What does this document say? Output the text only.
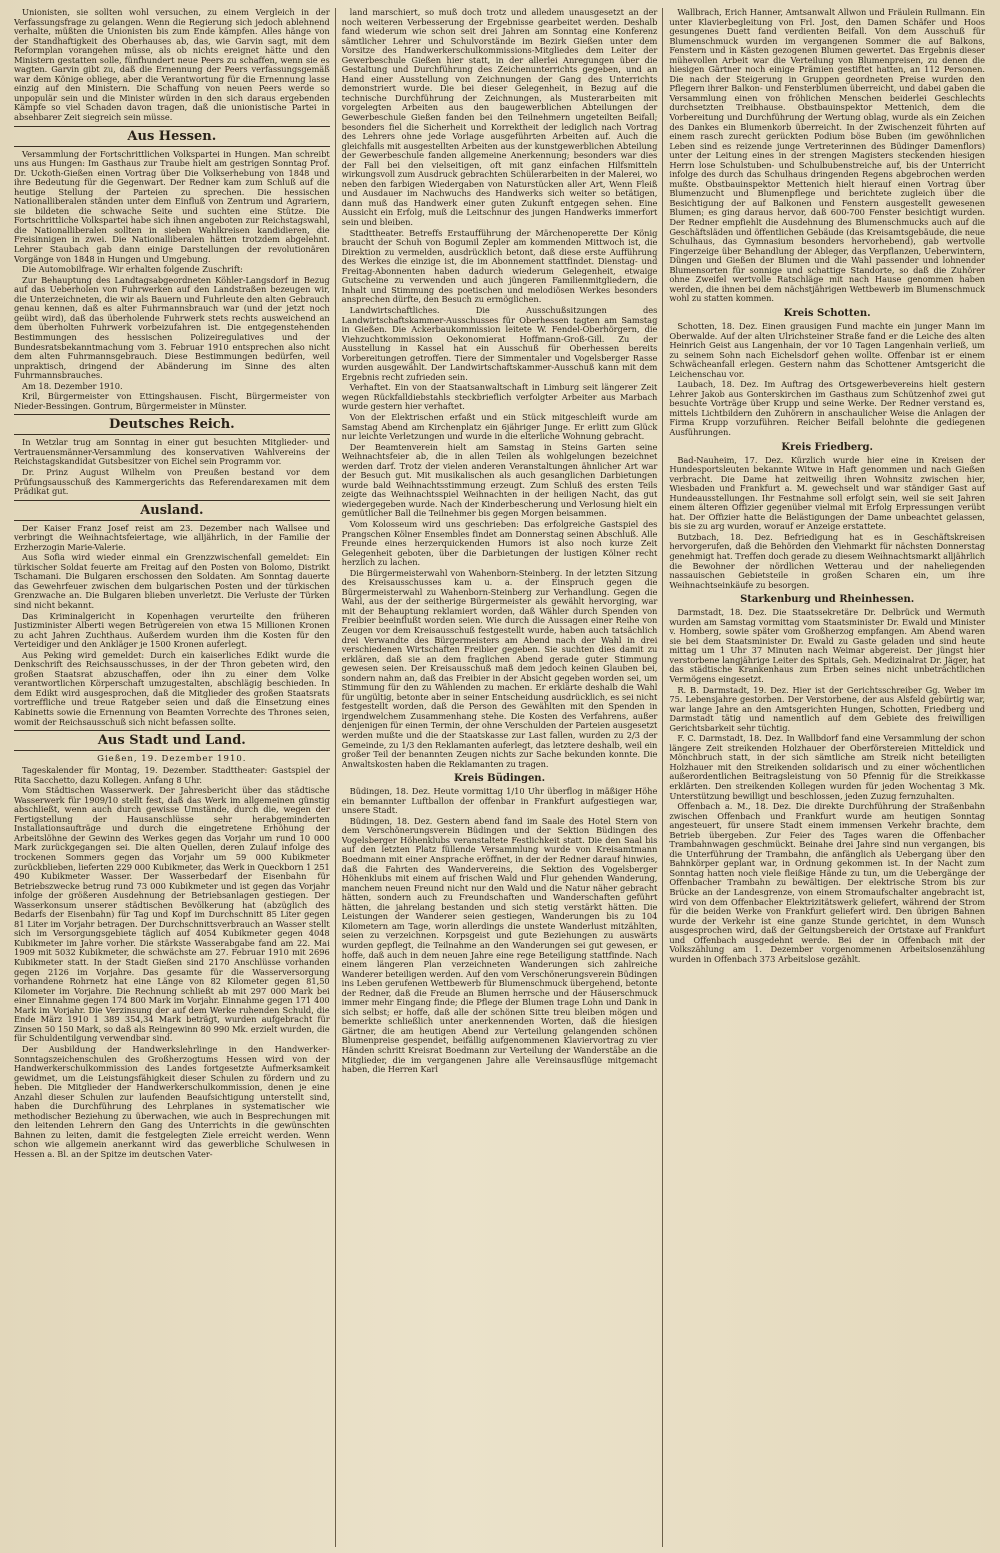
Unionisten, sie sollten wohl versuchen, zu einem Vergleich in der Verfassungsfrage zu gelangen. Wenn die Regierung sich jedoch ablehnend verhalte, müßten die Unionisten bis zum Ende kämpfen. Alles hänge von der Standhaftigkeit des Oberhauses ab, das, wie Garvin sagt, mit dem Reformplan vorangehen müsse, als ob nichts ereignet hätte und den Ministern gestatten solle, fünfhundert neue Peers zu schaffen, wenn sie es wagten. Garvin gibt zu, daß die Ernennung der Peers verfassungsgemäß war dem Könige obliege, aber die Verantwortung für die Ernennung lasse einzig auf den Ministern. Die Schaffung von neuen Peers werde so unpopulär sein und die Minister würden in den sich daraus ergebenden Kämpfe so viel Schaden davon tragen, daß die unionistische Partei in absehbarer Zeit siegreich sein müsse.

Aus Hessen.

Versammlung der Fortschrittlichen Volkspartei in Hungen. Man schreibt uns aus Hungen: Im Gasthaus zur Traube hielt am gestrigen Sonntag Prof. Dr. Uckoth-Gießen einen Vortrag über Die Volkserhebung von 1848 und ihre Bedeutung für die Gegenwart. Der Redner kam zum Schluß auf die heutige Stellung der Parteien zu sprechen. Die hessischen Nationalliberalen ständen unter dem Einfluß von Zentrum und Agrariern, sie bildeten die schwache Seite und suchten eine Stütze. Die Fortschrittliche Volkspartei habe sich ihnen angeboten zur Reichstagswahl, die Nationalliberalen sollten in sieben Wahlkreisen kandidieren, die Freisinnigen in zwei. Die Nationalliberalen hätten trotzdem abgelehnt. Lehrer Staubach gab dann einige Darstellungen der revolutionären Vorgänge von 1848 in Hungen und Umgebung.

Die Automobilfrage. Wir erhalten folgende Zuschrift:

Zur Behauptung des Landtagsabgeordneten Köhler-Langsdorf in Bezug auf das Ueberholen von Fuhrwerken auf den Landstraßen bezeugen wir, die Unterzeichneten, die wir als Bauern und Fuhrleute den alten Gebrauch genau kennen, daß es alter Fuhrmannsbrauch war (und der jetzt noch geübt wird), daß das überholende Fuhrwerk stets rechts ausweichend an dem überholten Fuhrwerk vorbeizufahren ist. Die entgegenstehenden Bestimmungen des hessischen Polizeiregulatives und der Bundesratsbekanntmachung vom 3. Februar 1910 entsprechen also nicht dem alten Fuhrmannsgebrauch. Diese Bestimmungen bedürfen, weil unpraktisch, dringend der Abänderung im Sinne des alten Fuhrmannsbrauches.

Am 18. Dezember 1910.

Kril, Bürgermeister von Ettingshausen. Fischt, Bürgermeister von Nieder-Bessingen. Gontrum, Bürgermeister in Münster.

Deutsches Reich.

In Wetzlar trug am Sonntag in einer gut besuchten Mitglieder- und Vertrauensmänner-Versammlung des konservativen Wahlvereins der Reichstagskandidat Gutsbesitzer von Eichel sein Programm vor.

Dr. Prinz August Wilhelm von Preußen bestand vor dem Prüfungsausschuß des Kammergerichts das Referendarexamen mit dem Prädikat gut.

Ausland.

Der Kaiser Franz Josef reist am 23. Dezember nach Wallsee und verbringt die Weihnachtsfeiertage, wie alljährlich, in der Familie der Erzherzogin Marie-Valerie.

Aus Sofia wird wieder einmal ein Grenzzwischenfall gemeldet: Ein türkischer Soldat feuerte am Freitag auf den Posten von Bolomo, Distrikt Tschamani. Die Bulgaren erschossen den Soldaten. Am Sonntag dauerte das Gewehrfeuer zwischen dem bulgarischen Posten und der türkischen Grenzwache an. Die Bulgaren blieben unverletzt. Die Verluste der Türken sind nicht bekannt.

Das Kriminalgericht in Kopenhagen verurteilte den früheren Justizminister Alberti wegen Betrügereien von etwa 15 Millionen Kronen zu acht Jahren Zuchthaus. Außerdem wurden ihm die Kosten für den Verteidiger und den Ankläger je 1500 Kronen auferlegt.

Aus Peking wird gemeldet: Durch ein kaiserliches Edikt wurde die Denkschrift des Reichsausschusses, in der der Thron gebeten wird, den großen Staatsrat abzuschaffen, oder ihn zu einer dem Volke verantwortlichen Körperschaft umzugestalten, abschlägig beschieden. In dem Edikt wird ausgesprochen, daß die Mitglieder des großen Staatsrats vortreffliche und treue Ratgeber seien und daß die Einsetzung eines Kabinetts sowie die Ernennung von Beamten Vorrechte des Thrones seien, womit der Reichsausschuß sich nicht befassen sollte.

Aus Stadt und Land.
Gießen, 19. Dezember 1910.

Tageskalender für Montag, 19. Dezember. Stadttheater: Gastspiel der Rita Sacchetto, dazu Kollegen. Anfang 8 Uhr.

Vom Städtischen Wasserwerk. Der Jahresbericht über das städtische Wasserwerk für 1909/10 stellt fest, daß das Werk im allgemeinen günstig abschließt, wenn auch durch gewisse Umstände, durch die, wegen der Fertigstellung der Hausanschlüsse sehr herabgeminderten Installationsaufträge und durch die eingetretene Erhöhung der Arbeitslöhne der Gewinn des Werkes gegen das Vorjahr um rund 10 000 Mark zurückgegangen sei. Die alten Quellen, deren Zulauf infolge des trockenen Sommers gegen das Vorjahr um 59 000 Kubikmeter zurückblieben, lieferten 229 000 Kubikmeter, das Werk in Queckborn 1 251 490 Kubikmeter Wasser. Der Wasserbedarf der Eisenbahn für Betriebszwecke betrug rund 73 000 Kubikmeter und ist gegen das Vorjahr infolge der größeren Ausdehnung der Betriebsanlagen gestiegen. Der Wasserkonsum unserer städtischen Bevölkerung hat (abzüglich des Bedarfs der Eisenbahn) für Tag und Kopf im Durchschnitt 85 Liter gegen 81 Liter im Vorjahr betragen. Der Durchschnittsverbrauch an Wasser stellt sich im Versorgungsgebiete täglich auf 4054 Kubikmeter gegen 4048 Kubikmeter im Jahre vorher. Die stärkste Wasserabgabe fand am 22. Mai 1909 mit 5032 Kubikmeter, die schwächste am 27. Februar 1910 mit 2696 Kubikmeter statt. In der Stadt Gießen sind 2170 Anschlüsse vorhanden gegen 2126 im Vorjahre. Das gesamte für die Wasserversorgung vorhandene Rohrnetz hat eine Länge von 82 Kilometer gegen 81,50 Kilometer im Vorjahre. Die Rechnung schließt ab mit 297 000 Mark bei einer Einnahme gegen 174 800 Mark im Vorjahr. Einnahme gegen 171 400 Mark im Vorjahr. Die Verzinsung der auf dem Werke ruhenden Schuld, die Ende März 1910 1 389 354,34 Mark beträgt, wurden aufgebracht für Zinsen 50 150 Mark, so daß als Reingewinn 80 990 Mk. erzielt wurden, die für Schuldentilgung verwendbar sind.

Der Ausbildung der Handwerkslehrlinge in den Handwerker-Sonntagszeichenschulen des Großherzogtums Hessen wird von der Handwerkerschulkommission des Landes fortgesetzte Aufmerksamkeit gewidmet, um die Leistungsfähigkeit dieser Schulen zu fördern und zu heben. Die Mitglieder der Handwerkerschulkommission, denen je eine Anzahl dieser Schulen zur laufenden Beaufsichtigung unterstellt sind, haben die Durchführung des Lehrplanes in systematischer wie methodischer Beziehung zu überwachen, wie auch in Besprechungen mit den leitenden Lehrern den Gang des Unterrichts in die gewünschten Bahnen zu leiten, damit die festgelegten Ziele erreicht werden. Wenn schon wie allgemein anerkannt wird das gewerbliche Schulwesen in Hessen a. Bl. an der Spitze im deutschen Vater-

land marschiert, so muß doch trotz und alledem unausgesetzt an der noch weiteren Verbesserung der Ergebnisse gearbeitet werden. Deshalb fand wiederum wie schon seit drei Jahren am Sonntag eine Konferenz sämtlicher Lehrer und Schulvorstände im Bezirk Gießen unter dem Vorsitze des Handwerkerschulkommissions-Mitgliedes dem Leiter der Gewerbeschule Gießen hier statt, in der allerlei Anregungen über die Gestaltung und Durchführung des Zeichenunterrichts gegeben, und an Hand einer Ausstellung von Zeichnungen der Gang des Unterrichts demonstriert wurde. Die bei dieser Gelegenheit, in Bezug auf die technische Durchführung der Zeichnungen, als Musterarbeiten mit vorgelegten Arbeiten aus den baugewerblichen Abteilungen der Gewerbeschule Gießen fanden bei den Teilnehmern ungeteilten Beifall; besonders fiel die Sicherheit und Korrektheit der lediglich nach Vortrag des Lehrers ohne jede Vorlage ausgeführten Arbeiten auf. Auch die gleichfalls mit ausgestellten Arbeiten aus der kunstgewerblichen Abteilung der Gewerbeschule fanden allgemeine Anerkennung; besonders war dies der Fall bei den vielseitigen, oft mit ganz einfachen Hilfsmitteln wirkungsvoll zum Ausdruck gebrachten Schülerarbeiten in der Malerei, wo neben den farbigen Wiedergaben von Naturstücken aller Art, Wenn Fleiß und Ausdauer im Nachwuchs des Handwerks sich weiter so betätigen, dann muß das Handwerk einer guten Zukunft entgegen sehen. Eine Aussicht ein Erfolg, muß die Leitschnur des jungen Handwerks immerfort sein und bleiben.

Stadttheater. Betreffs Erstaufführung der Märchenoperette Der König braucht der Schuh von Bogumil Zepler am kommenden Mittwoch ist, die Direktion zu vermelden, ausdrücklich betont, daß diese erste Aufführung des Werkes die einzige ist, die im Abonnement stattfindet. Dienstag- und Freitag-Abonnenten haben dadurch wiederum Gelegenheit, etwaige Gutscheine zu verwenden und auch jüngeren Familienmitgliedern, die Inhalt und Stimmung des poetischen und melodiösen Werkes besonders ansprechen dürfte, den Besuch zu ermöglichen.

Landwirtschaftliches. Die Ausschußsitzungen des Landwirtschaftskammer-Ausschusses für Oberhessen tagten am Samstag in Gießen. Die Ackerbaukommission leitete W. Fendel-Oberhörgern, die Viehzuchtkommission Oekonomierat Hoffmann-Groß-Gill. Zu der Ausstellung in Kassel hat ein Ausschuß für Oberhessen bereits Vorbereitungen getroffen. Tiere der Simmentaler und Vogelsberger Rasse wurden ausgewählt. Der Landwirtschaftskammer-Ausschuß kann mit dem Ergebnis recht zufrieden sein.

Verhaftet. Ein von der Staatsanwaltschaft in Limburg seit längerer Zeit wegen Rückfalldiebstahls steckbrieflich verfolgter Arbeiter aus Marbach wurde gestern hier verhaftet.

Von der Elektrischen erfaßt und ein Stück mitgeschleift wurde am Samstag Abend am Kirchenplatz ein 6jähriger Junge. Er erlitt zum Glück nur leichte Verletzungen und wurde in die elterliche Wohnung gebracht.

Der Beamtenverein hielt am Samstag in Steins Garten seine Weihnachtsfeier ab, die in allen Teilen als wohlgelungen bezeichnet werden darf. Trotz der vielen anderen Veranstaltungen ähnlicher Art war der Besuch gut. Mit musikalischen als auch gesanglichen Darbietungen wurde bald Weihnachtsstimmung erzeugt. Zum Schluß des ersten Teils zeigte das Weihnachtsspiel Weihnachten in der heiligen Nacht, das gut wiedergegeben wurde. Nach der Kinderbescherung und Verlosung hielt ein gemütlicher Ball die Teilnehmer bis gegen Morgen beisammen.

Vom Kolosseum wird uns geschrieben: Das erfolgreiche Gastspiel des Prangschen Kölner Ensembles findet am Donnerstag seinen Abschluß. Alle Freunde eines herzerquickenden Humors ist also noch kurze Zeit Gelegenheit geboten, über die Darbietungen der lustigen Kölner recht herzlich zu lachen.

Die Bürgermeisterwahl von Wahenborn-Steinberg. In der letzten Sitzung des Kreisausschusses kam u. a. der Einspruch gegen die Bürgermeisterwahl zu Wahenborn-Steinberg zur Verhandlung. Gegen die Wahl, aus der der seitherige Bürgermeister als gewählt hervorging, war mit der Behauptung reklamiert worden, daß Wähler durch Spenden von Freibier beeinflußt worden seien. Wie durch die Aussagen einer Reihe von Zeugen vor dem Kreisausschuß festgestellt wurde, haben auch tatsächlich drei Verwandte des Bürgermeisters am Abend nach der Wahl in drei verschiedenen Wirtschaften Freibier gegeben. Sie suchten dies damit zu erklären, daß sie an dem fraglichen Abend gerade guter Stimmung gewesen seien. Der Kreisausschuß maß dem jedoch keinen Glauben bei, sondern nahm an, daß das Freibier in der Absicht gegeben worden sei, um Stimmung für den zu Wählenden zu machen. Er erklärte deshalb die Wahl für ungültig, betonte aber in seiner Entscheidung ausdrücklich, es sei nicht festgestellt worden, daß die Person des Gewählten mit den Spenden in irgendwelchem Zusammenhang stehe. Die Kosten des Verfahrens, außer denjenigen für einen Termin, der ohne Verschulden der Parteien ausgesetzt werden mußte und die der Staatskasse zur Last fallen, wurden zu 2/3 der Gemeinde, zu 1/3 den Reklamanten auferlegt, das letztere deshalb, weil ein großer Teil der benannten Zeugen nichts zur Sache bekunden konnte. Die Anwaltskosten haben die Reklamanten zu tragen.

Kreis Büdingen.

Büdingen, 18. Dez. Heute vormittag 1/10 Uhr überflog in mäßiger Höhe ein bemannter Luftballon der offenbar in Frankfurt aufgestiegen war, unsere Stadt.

Büdingen, 18. Dez. Gestern abend fand im Saale des Hotel Stern von dem Verschönerungsverein Büdingen und der Sektion Büdingen des Vogelsberger Höhenklubs veranstaltete Festlichkeit statt. Die den Saal bis auf den letzten Platz füllende Versammlung wurde von Kreisamtmann Boedmann mit einer Ansprache eröffnet, in der der Redner darauf hinwies, daß die Fahrten des Wandervereins, die Sektion des Vogelsberger Höhenklubs mit einem auf frischen Wald und Flur gehenden Wanderung, manchem neuen Freund nicht nur den Wald und die Natur näher gebracht hätten, sondern auch zu Freundschaften und Wanderschaften geführt hätten, die jahrelang bestanden und sich stetig verstärkt hätten. Die Leistungen der Wanderer seien gestiegen, Wanderungen bis zu 104 Kilometern am Tage, worin allerdings die unstete Wanderlust mitzählten, seien zu verzeichnen. Korpsgeist und gute Beziehungen zu auswärts wurden gepflegt, die Teilnahme an den Wanderungen sei gut gewesen, er hoffe, daß auch in dem neuen Jahre eine rege Beteiligung stattfinde. Nach einem längeren Plan verzeichneten Wanderungen sich zahlreiche Wanderer beteiligen werden. Auf den vom Verschönerungsverein Büdingen ins Leben gerufenen Wettbewerb für Blumenschmuck übergehend, betonte der Redner, daß die Freude an Blumen herrsche und der Häuserschmuck immer mehr Eingang finde; die Pflege der Blumen trage Lohn und Dank in sich selbst; er hoffe, daß alle der schönen Sitte treu bleiben mögen und bemerkte schließlich unter anerkennenden Worten, daß die hiesigen Gärtner, die am heutigen Abend zur Verteilung gelangenden schönen Blumenpreise gespendet, beifällig aufgenommenen Klaviervortrag zu vier Händen schritt Kreisrat Boedmann zur Verteilung der Wanderstäbe an die Mitglieder, die im vergangenen Jahre alle Vereinsausflüge mitgemacht haben, die Herren Karl

Wallbrach, Erich Hanner, Amtsanwalt Allwon und Fräulein Rullmann. Ein unter Klavierbegleitung von Frl. Jost, den Damen Schäfer und Hoos gesungenes Duett fand verdienten Beifall. Von dem Ausschuß für Blumenschmuck wurden im vergangenen Sommer die auf Balkons, Fenstern und in Kästen gezogenen Blumen gewertet. Das Ergebnis dieser mühevollen Arbeit war die Verteilung von Blumenpreisen, zu denen die hiesigen Gärtner noch einige Prämien gestiftet hatten, an 112 Personen. Die nach der Steigerung in Gruppen geordneten Preise wurden den Pflegern ihrer Balkon- und Fensterblumen überreicht, und dabei gaben die Versammlung einen von fröhlichen Menschen beiderlei Geschlechts durchsetzten Treibhause. Obstbauinspektor Mettenich, dem die Vorbereitung und Durchführung der Wertung oblag, wurde als ein Zeichen des Dankes ein Blumenkorb überreicht. In der Zwischenzeit führten auf einem rasch zurecht gerückten Podium böse Buben (im gewöhnlichen Leben sind es reizende junge Vertreterinnen des Büdinger Damenflors) unter der Leitung eines in der strengen Magisters steckenden hiesigen Herrn lose Schulstuben- und Schulbubenstreiche auf, bis der Unterricht infolge des durch das Schulhaus dringenden Regens abgebrochen werden mußte. Obstbauinspektor Mettenich hielt hierauf einen Vortrag über Blumenzucht und Blumenpflege und berichtete zugleich über die Besichtigung der auf Balkonen und Fenstern ausgestellt gewesenen Blumen; es ging daraus hervor, daß 600-700 Fenster besichtigt wurden. Der Redner empfiehlt die Ausdehnung des Blumenschmucks auch auf die Geschäftsläden und öffentlichen Gebäude (das Kreisamtsgebäude, die neue Schulhaus, das Gymnasium besonders hervorhebend), gab wertvolle Fingerzeige über Behandlung der Ableger, das Verpflanzen, Ueberwintern, Düngen und Gießen der Blumen und die Wahl passender und lohnender Blumensorten für sonnige und schattige Standorte, so daß die Zuhörer ohne Zweifel wertvolle Ratschläge mit nach Hause genommen haben werden, die ihnen bei dem nächstjährigen Wettbewerb im Blumenschmuck wohl zu statten kommen.

Kreis Schotten.

Schotten, 18. Dez. Einen grausigen Fund machte ein junger Mann im Oberwalde. Auf der alten Ulrichsteiner Straße fand er die Leiche des alten Heinrich Geist aus Langenhain, der vor 10 Tagen Langenhain verließ, um zu seinem Sohn nach Eichelsdorf gehen wollte. Offenbar ist er einem Schwächeanfall erlegen. Gestern nahm das Schottener Amtsgericht die Leichenschau vor.

Laubach, 18. Dez. Im Auftrag des Ortsgewerbevereins hielt gestern Lehrer Jakob aus Gonterskirchen im Gasthaus zum Schützenhof zwei gut besuchte Vorträge über Krupp und seine Werke. Der Redner verstand es, mittels Lichtbildern den Zuhörern in anschaulicher Weise die Anlagen der Firma Krupp vorzuführen. Reicher Beifall belohnte die gediegenen Ausführungen.

Kreis Friedberg.

Bad-Nauheim, 17. Dez. Kürzlich wurde hier eine in Kreisen der Hundesportsleuten bekannte Witwe in Haft genommen und nach Gießen verbracht. Die Dame hat zeitweilig ihren Wohnsitz zwischen hier, Wiesbaden und Frankfurt a. M. gewechselt und war ständiger Gast auf Hundeausstellungen. Ihr Festnahme soll erfolgt sein, weil sie seit Jahren einem älteren Offizier gegenüber vielmal mit Erfolg Erpressungen verübt hat. Der Offizier hatte die Belästigungen der Dame unbeachtet gelassen, bis sie zu arg wurden, worauf er Anzeige erstattete.

Butzbach, 18. Dez. Befriedigung hat es in Geschäftskreisen hervorgerufen, daß die Behörden den Viehmarkt für nächsten Donnerstag genehmigt hat. Treffen doch gerade zu diesem Weihnachtsmarkt alljährlich die Bewohner der nördlichen Wetterau und der naheliegenden nassauischen Gebietsteile in großen Scharen ein, um ihre Weihnachtseinkäufe zu besorgen.

Starkenburg und Rheinhessen.

Darmstadt, 18. Dez. Die Staatssekretäre Dr. Delbrück und Wermuth wurden am Samstag vormittag vom Staatsminister Dr. Ewald und Minister v. Homberg, sowie später vom Großherzog empfangen. Am Abend waren sie bei dem Staatsminister Dr. Ewald zu Gaste geladen und sind heute mittag um 1 Uhr 37 Minuten nach Weimar abgereist. Der jüngst hier verstorbene langjährige Leiter des Spitals, Geh. Medizinalrat Dr. Jäger, hat das städtische Krankenhaus zum Erben seines nicht unbeträchtlichen Vermögens eingesetzt.

R. B. Darmstadt, 19. Dez. Hier ist der Gerichtsschreiber Gg. Weber im 75. Lebensjahre gestorben. Der Verstorbene, der aus Alsfeld gebürtig war, war lange Jahre an den Amtsgerichten Hungen, Schotten, Friedberg und Darmstadt tätig und namentlich auf dem Gebiete des freiwilligen Gerichtsbarkeit sehr tüchtig.

F. C. Darmstadt, 18. Dez. In Wallbdorf fand eine Versammlung der schon längere Zeit streikenden Holzhauer der Oberförstereien Mitteldick und Mönchbruch statt, in der sich sämtliche am Streik nicht beteiligten Holzhauer mit den Streikenden solidarisch und zu einer wöchentlichen außerordentlichen Beitragsleistung von 50 Pfennig für die Streikkasse erklärten. Den streikenden Kollegen wurden für jeden Wochentag 3 Mk. Unterstützung bewilligt und beschlossen, jeden Zuzug fernzuhalten.

Offenbach a. M., 18. Dez. Die direkte Durchführung der Straßenbahn zwischen Offenbach und Frankfurt wurde am heutigen Sonntag angesteuert, für unsere Stadt einem immensen Verkehr brachte, dem Betrieb übergeben. Zur Feier des Tages waren die Offenbacher Trambahnwagen geschmückt. Beinahe drei Jahre sind nun vergangen, bis die Unterführung der Trambahn, die anfänglich als Uebergang über den Bahnkörper geplant war, in Ordnung gekommen ist. In der Nacht zum Sonntag hatten noch viele fleißige Hände zu tun, um die Uebergänge der Offenbacher Trambahn zu bewältigen. Der elektrische Strom bis zur Brücke an der Landesgrenze, von einem Stromaufschalter angebracht ist, wird von dem Offenbacher Elektrizitätswerk geliefert, während der Strom für die beiden Werke von Frankfurt geliefert wird. Den übrigen Bahnen wurde der Verkehr ist eine ganze Stunde gerichtet, in dem Wunsch ausgesprochen wird, daß der Geltungsbereich der Ortstaxe auf Frankfurt und Offenbach ausgedehnt werde. Bei der in Offenbach mit der Volkszählung am 1. Dezember vorgenommenen Arbeitslosenzählung wurden in Offenbach 373 Arbeitslose gezählt.
